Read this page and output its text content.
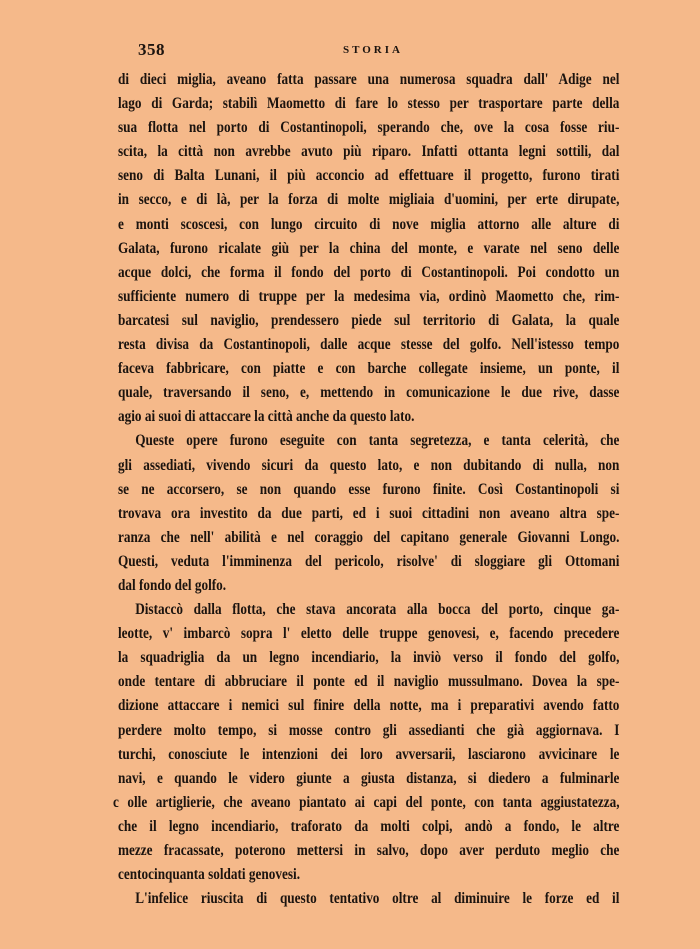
358	STORIA
di dieci miglia, aveano fatta passare una numerosa squadra dall' Adige nel
lago di Garda; stabilì Maometto di fare lo stesso per trasportare parte della
sua flotta nel porto di Costantinopoli, sperando che, ove la cosa fosse riu-
scita, la città non avrebbe avuto più riparo. Infatti ottanta legni sottili, dal
seno di Balta Lunani, il più acconcio ad effettuare il progetto, furono tirati
in secco, e di là, per la forza di molte migliaia d'uomini, per erte dirupate,
e monti scoscesi, con lungo circuito di nove miglia attorno alle alture di
Galata, furono ricalate giù per la china del monte, e varate nel seno delle
acque dolci, che forma il fondo del porto di Costantinopoli. Poi condotto un
sufficiente numero di truppe per la medesima via, ordinò Maometto che, rim-
barcatesi sul naviglio, prendessero piede sul territorio di Galata, la quale
resta divisa da Costantinopoli, dalle acque stesse del golfo. Nell'istesso tempo
faceva fabbricare, con piatte e con barche collegate insieme, un ponte, il
quale, traversando il seno, e, mettendo in comunicazione le due rive, dasse
agio ai suoi di attaccare la città anche da questo lato.
Queste opere furono eseguite con tanta segretezza, e tanta celerità, che
gli assediati, vivendo sicuri da questo lato, e non dubitando di nulla, non
se ne accorsero, se non quando esse furono finite. Così Costantinopoli si
trovava ora investito da due parti, ed i suoi cittadini non aveano altra spe-
ranza che nell' abilità e nel coraggio del capitano generale Giovanni Longo.
Questi, veduta l'imminenza del pericolo, risolve' di sloggiare gli Ottomani
dal fondo del golfo.
Distaccò dalla flotta, che stava ancorata alla bocca del porto, cinque ga-
leotte, v' imbarcò sopra l' eletto delle truppe genovesi, e, facendo precedere
la squadriglia da un legno incendiario, la inviò verso il fondo del golfo,
onde tentare di abbruciare il ponte ed il naviglio mussulmano. Dovea la spe-
dizione attaccare i nemici sul finire della notte, ma i preparativi avendo fatto
perdere molto tempo, si mosse contro gli assedianti che già aggiornava. I
turchi, conosciute le intenzioni dei loro avversarii, lasciarono avvicinare le
navi, e quando le videro giunte a giusta distanza, si diedero a fulminarle
c olle artiglierie, che aveano piantato ai capi del ponte, con tanta aggiustatezza,
che il legno incendiario, traforato da molti colpi, andò a fondo, le altre
mezze fracassate, poterono mettersi in salvo, dopo aver perduto meglio che
centocinquanta soldati genovesi.
L'infelice riuscita di questo tentativo oltre al diminuire le forze ed il
